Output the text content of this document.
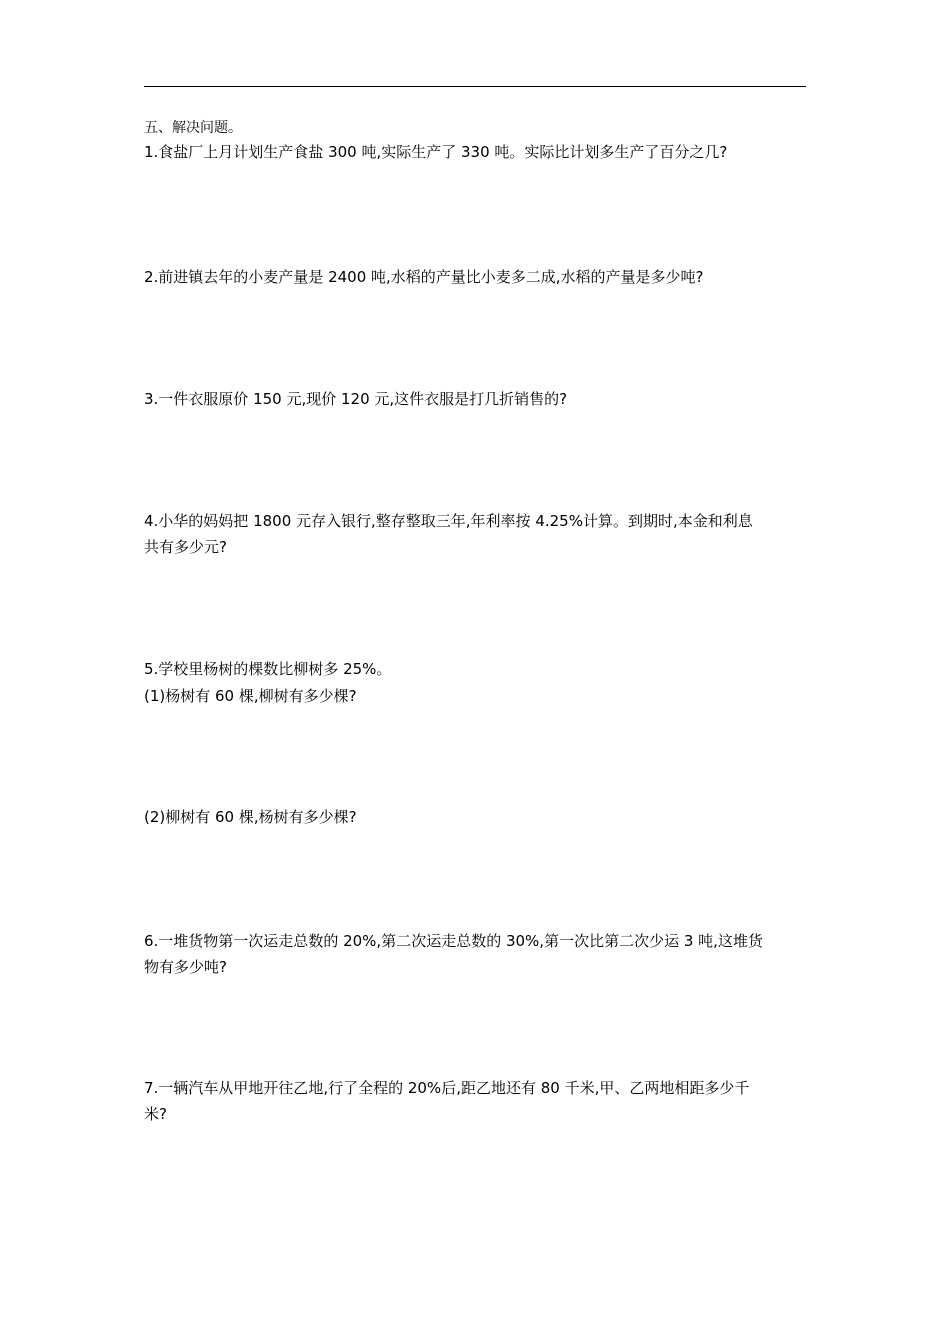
五、解决问题。
1.食盐厂上月计划生产食盐 300 吨,实际生产了 330 吨。实际比计划多生产了百分之几?
2.前进镇去年的小麦产量是 2400 吨,水稻的产量比小麦多二成,水稻的产量是多少吨?
3.一件衣服原价 150 元,现价 120 元,这件衣服是打几折销售的?
4.小华的妈妈把 1800 元存入银行,整存整取三年,年利率按 4.25%计算。到期时,本金和利息
共有多少元?
5.学校里杨树的棵数比柳树多 25%。
(1)杨树有 60 棵,柳树有多少棵?
(2)柳树有 60 棵,杨树有多少棵?
6.一堆货物第一次运走总数的 20%,第二次运走总数的 30%,第一次比第二次少运 3 吨,这堆货
物有多少吨?
7.一辆汽车从甲地开往乙地,行了全程的 20%后,距乙地还有 80 千米,甲、乙两地相距多少千
米?
